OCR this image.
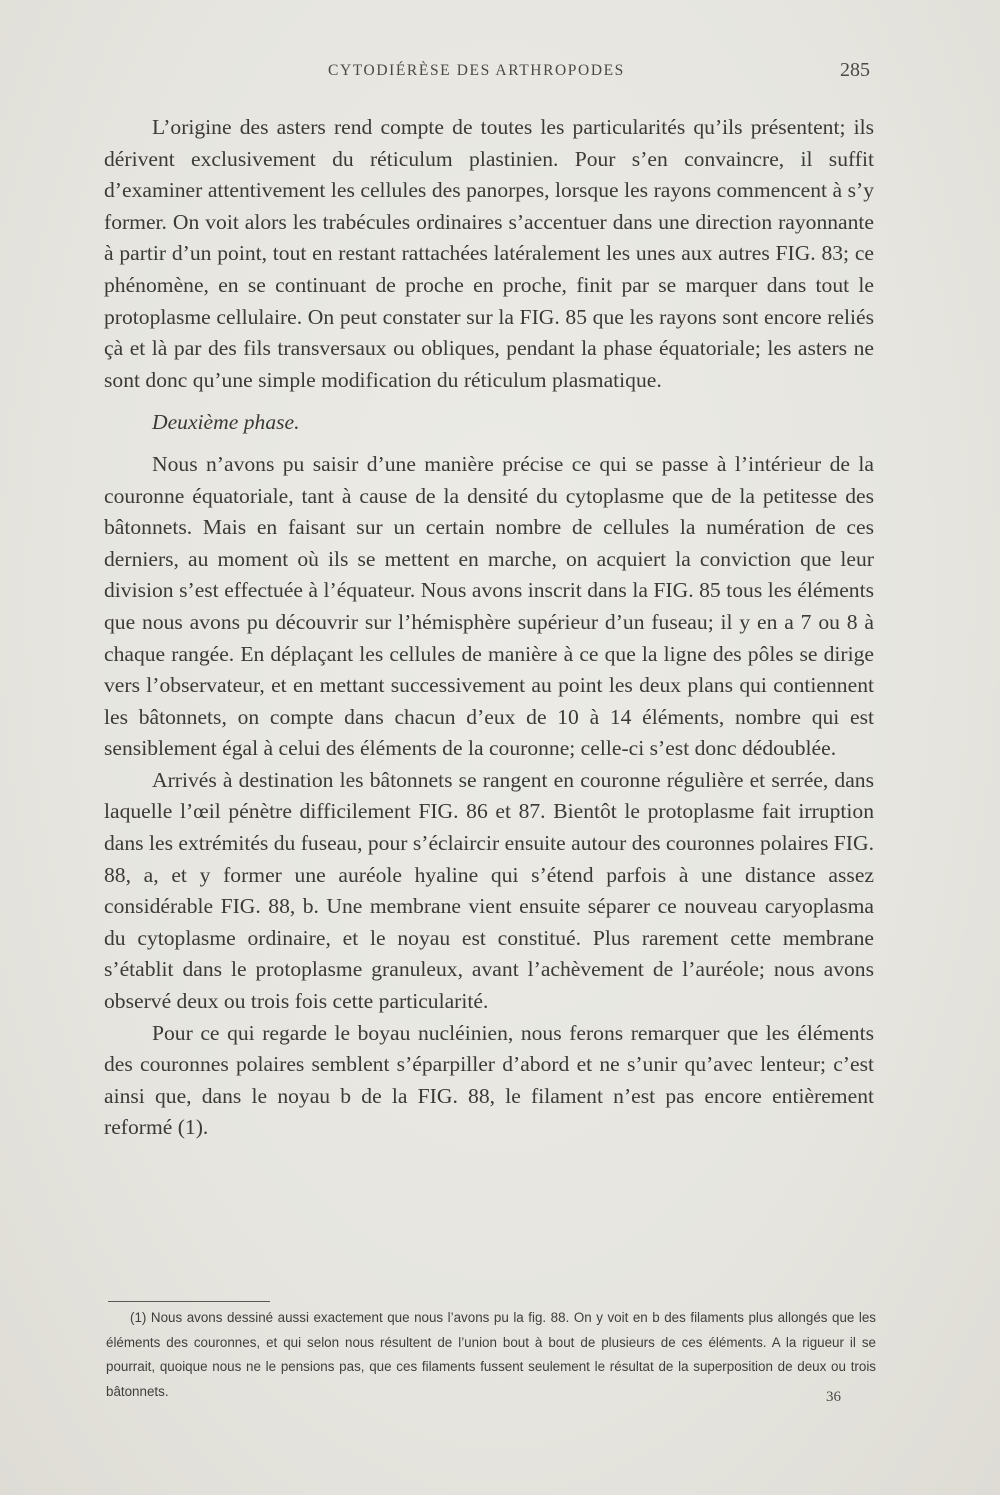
CYTODIÉRÈSE DES ARTHROPODES	285

L’origine des asters rend compte de toutes les particularités qu’ils présentent; ils dérivent exclusivement du réticulum plastinien. Pour s’en convaincre, il suffit d’examiner attentivement les cellules des panorpes, lorsque les rayons commencent à s’y former. On voit alors les trabécules ordinaires s’accentuer dans une direction rayonnante à partir d’un point, tout en restant rattachées latéralement les unes aux autres FIG. 83; ce phénomène, en se continuant de proche en proche, finit par se marquer dans tout le protoplasme cellulaire. On peut constater sur la FIG. 85 que les rayons sont encore reliés çà et là par des fils transversaux ou obliques, pendant la phase équatoriale; les asters ne sont donc qu’une simple modification du réticulum plasmatique.

Deuxième phase.

Nous n’avons pu saisir d’une manière précise ce qui se passe à l’intérieur de la couronne équatoriale, tant à cause de la densité du cytoplasme que de la petitesse des bâtonnets. Mais en faisant sur un certain nombre de cellules la numération de ces derniers, au moment où ils se mettent en marche, on acquiert la conviction que leur division s’est effectuée à l’équateur. Nous avons inscrit dans la FIG. 85 tous les éléments que nous avons pu découvrir sur l’hémisphère supérieur d’un fuseau; il y en a 7 ou 8 à chaque rangée. En déplaçant les cellules de manière à ce que la ligne des pôles se dirige vers l’observateur, et en mettant successivement au point les deux plans qui contiennent les bâtonnets, on compte dans chacun d’eux de 10 à 14 éléments, nombre qui est sensiblement égal à celui des éléments de la couronne; celle-ci s’est donc dédoublée.

Arrivés à destination les bâtonnets se rangent en couronne régulière et serrée, dans laquelle l’œil pénètre difficilement FIG. 86 et 87. Bientôt le protoplasme fait irruption dans les extrémités du fuseau, pour s’éclaircir ensuite autour des couronnes polaires FIG. 88, a, et y former une auréole hyaline qui s’étend parfois à une distance assez considérable FIG. 88, b. Une membrane vient ensuite séparer ce nouveau caryoplasma du cytoplasme ordinaire, et le noyau est constitué. Plus rarement cette membrane s’établit dans le protoplasme granuleux, avant l’achèvement de l’auréole; nous avons observé deux ou trois fois cette particularité.

Pour ce qui regarde le boyau nucléinien, nous ferons remarquer que les éléments des couronnes polaires semblent s’éparpiller d’abord et ne s’unir qu’avec lenteur; c’est ainsi que, dans le noyau b de la FIG. 88, le filament n’est pas encore entièrement reformé (1).

(1) Nous avons dessiné aussi exactement que nous l’avons pu la fig. 88. On y voit en b des filaments plus allongés que les éléments des couronnes, et qui selon nous résultent de l’union bout à bout de plusieurs de ces éléments. A la rigueur il se pourrait, quoique nous ne le pensions pas, que ces filaments fussent seulement le résultat de la superposition de deux ou trois bâtonnets.	36
